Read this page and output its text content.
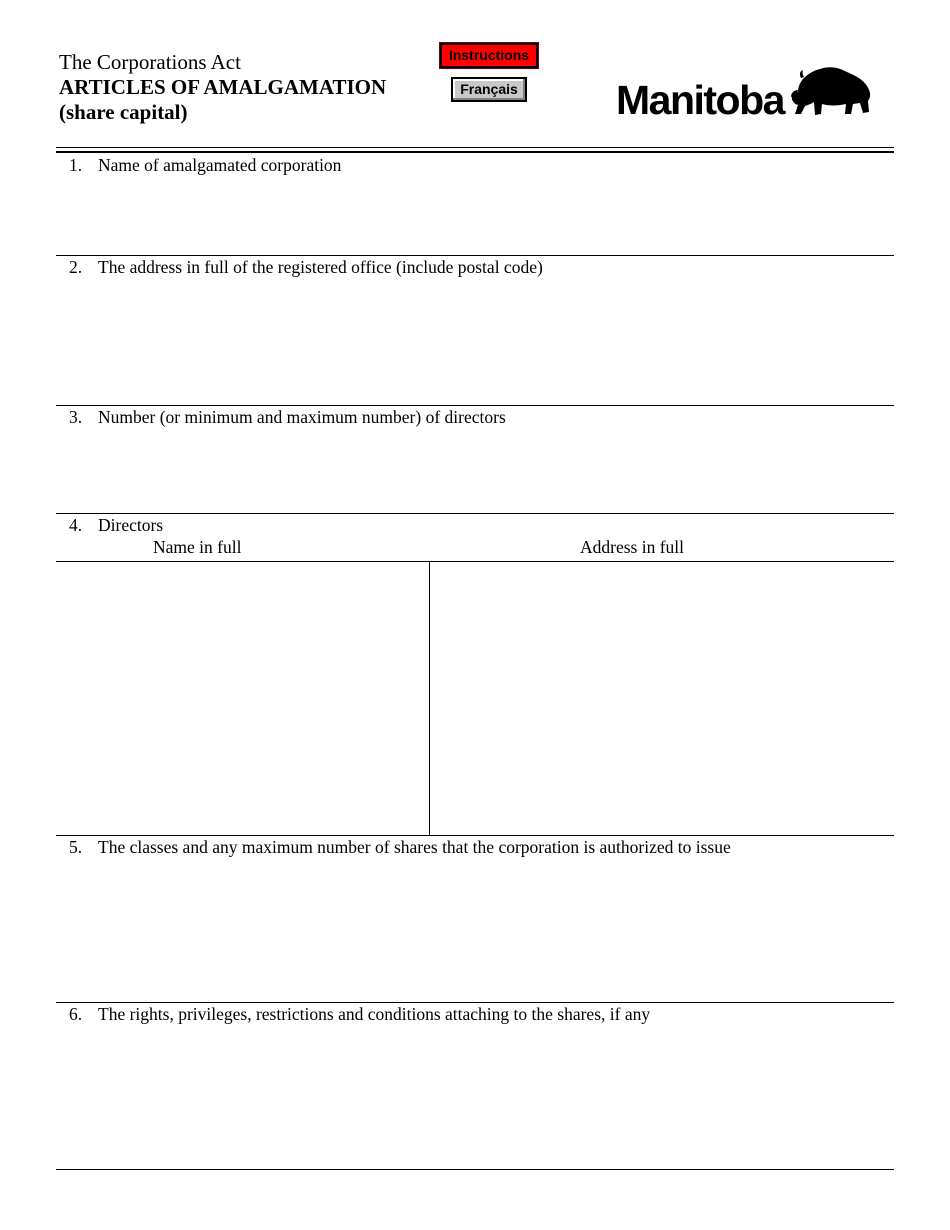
The Corporations Act
ARTICLES OF AMALGAMATION
(share capital)
Instructions
Français Manitoba
1. Name of amalgamated corporation
2. The address in full of the registered office (include postal code)
3. Number (or minimum and maximum number) of directors
4. Directors
Name in full	Address in full
5. The classes and any maximum number of shares that the corporation is authorized to issue
6. The rights, privileges, restrictions and conditions attaching to the shares, if any
